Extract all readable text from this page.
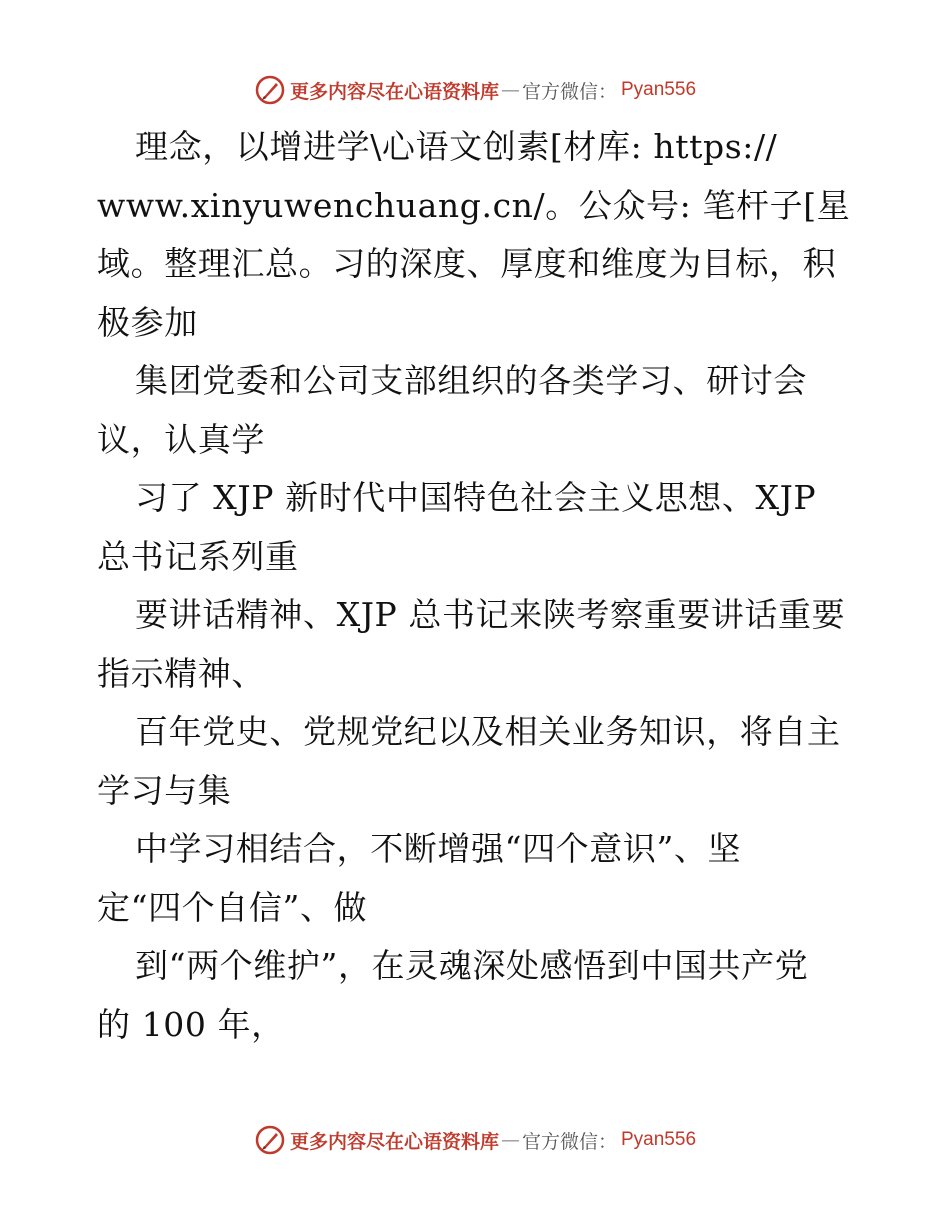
更多内容尽在心语资料库 — 官方微信： Pyan556
理念，以增进学\心语文创素[材库: https://
www.xinyuwenchuang.cn/。公众号: 笔杆子[星
域。整理汇总。习的深度、厚度和维度为目标，积
极参加
集团党委和公司支部组织的各类学习、研讨会
议，认真学
习了 XJP 新时代中国特色社会主义思想、XJP
总书记系列重
要讲话精神、XJP 总书记来陕考察重要讲话重要
指示精神、
百年党史、党规党纪以及相关业务知识，将自主
学习与集
中学习相结合，不断增强“四个意识”、坚
定“四个自信”、做
到“两个维护”，在灵魂深处感悟到中国共产党
的 100 年，
更多内容尽在心语资料库 — 官方微信： Pyan556
